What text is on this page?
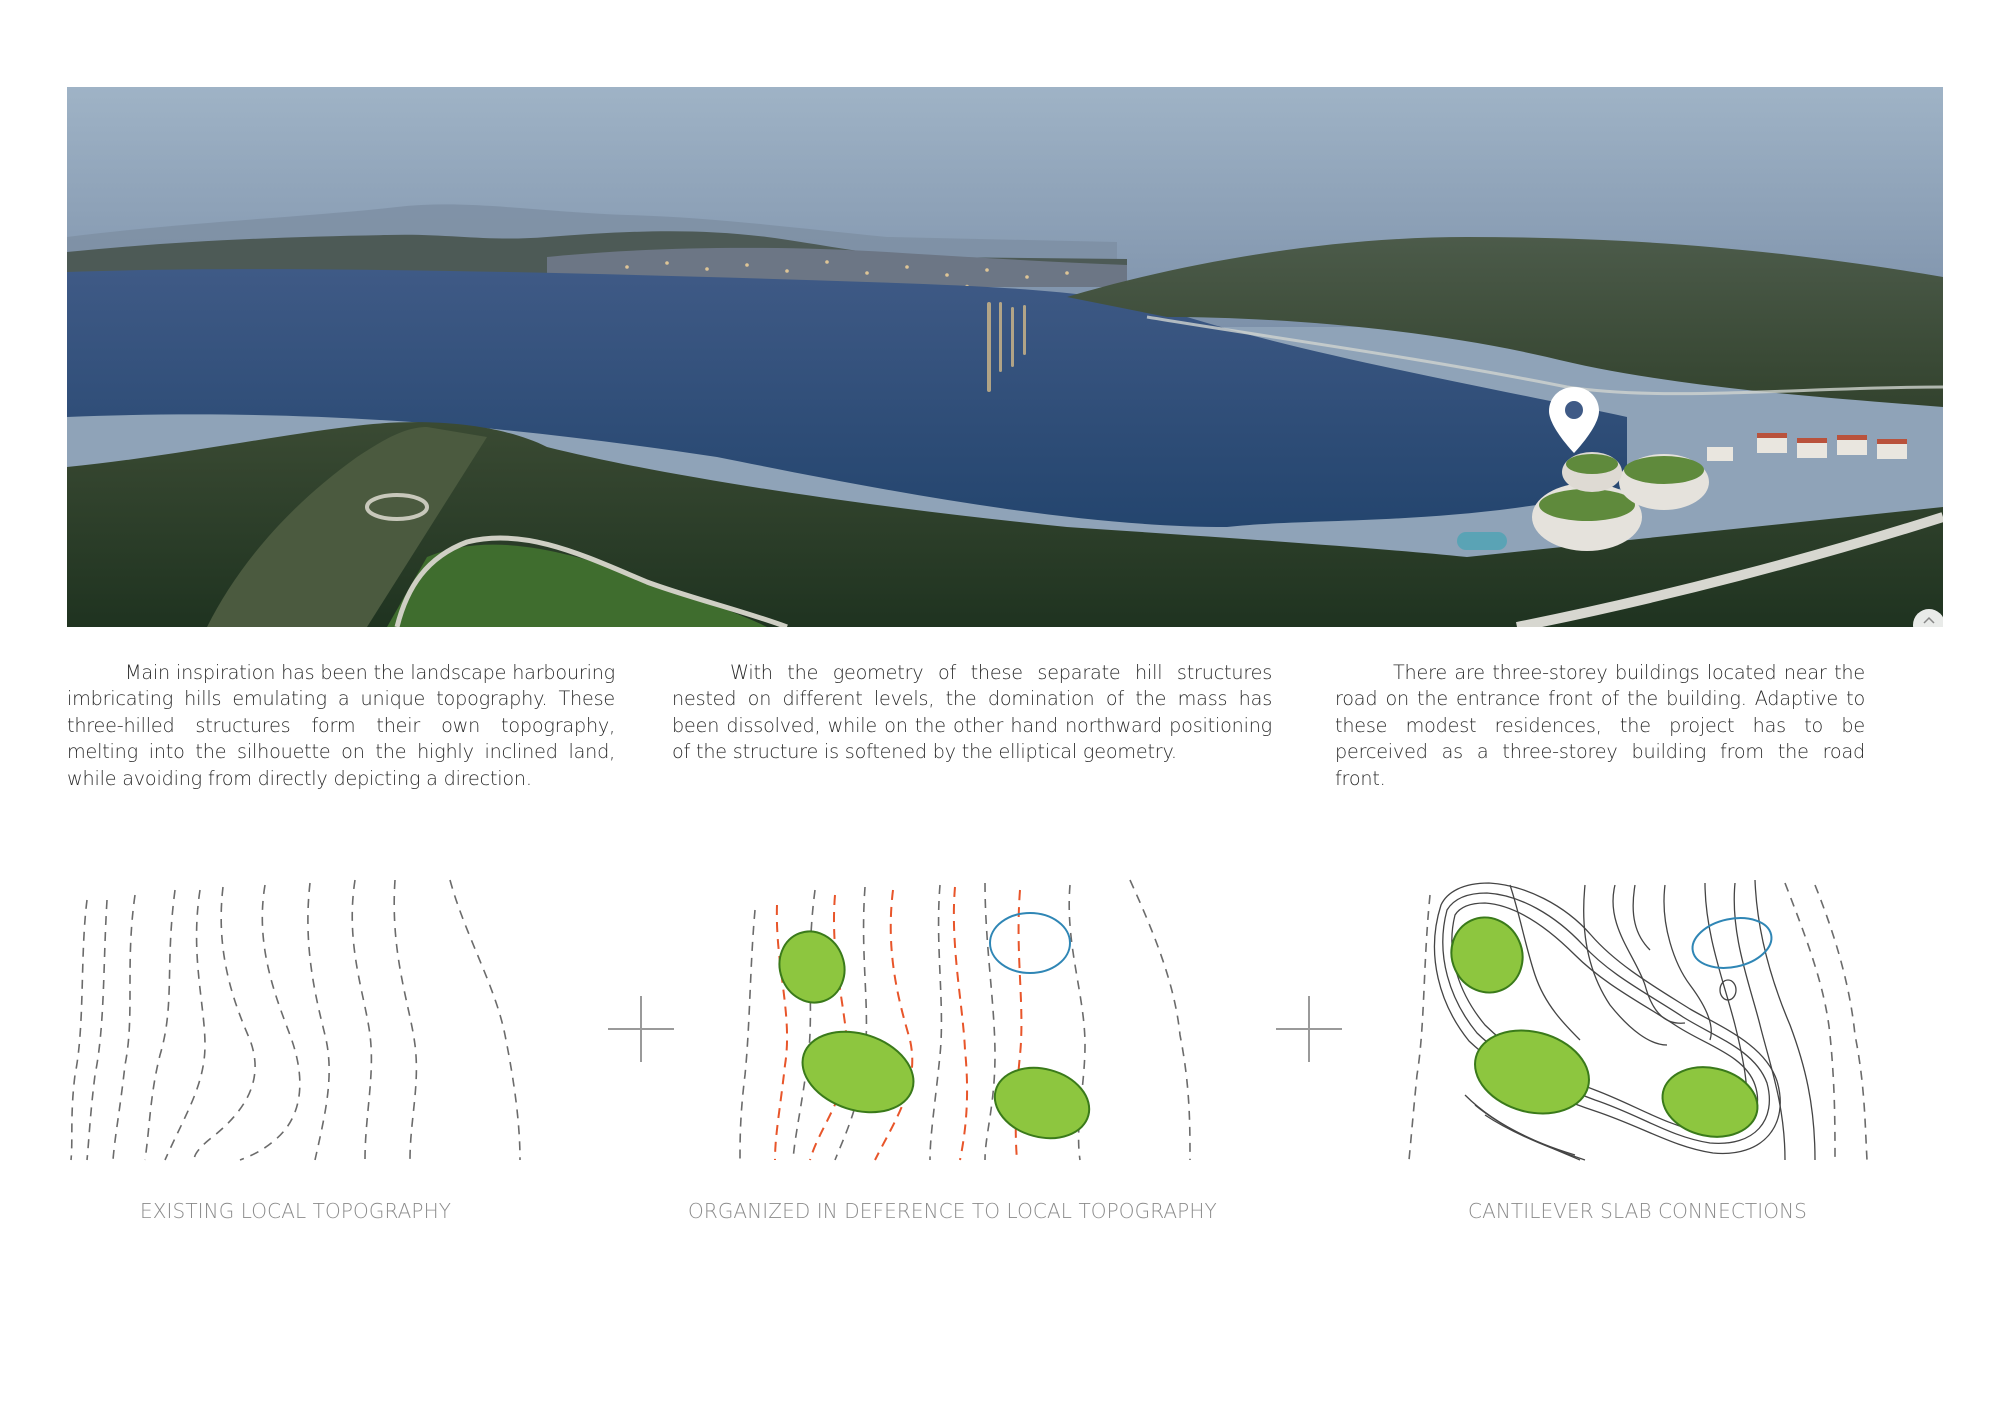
Main inspiration has been the landscape harbouring imbricating hills emulating a unique topography. These three-hilled structures form their own topography, melting into the silhouette on the highly inclined land, while avoiding from directly depicting a direction.

With the geometry of these separate hill structures nested on different levels, the domination of the mass has been dissolved, while on the other hand northward positioning of the structure is softened by the elliptical geometry.

There are three-storey buildings located near the road on the entrance front of the building. Adaptive to these modest residences, the project has to be perceived as a three-storey building from the road front.

EXISTING LOCAL TOPOGRAPHY	ORGANIZED IN DEFERENCE TO LOCAL TOPOGRAPHY	CANTILEVER SLAB CONNECTIONS
